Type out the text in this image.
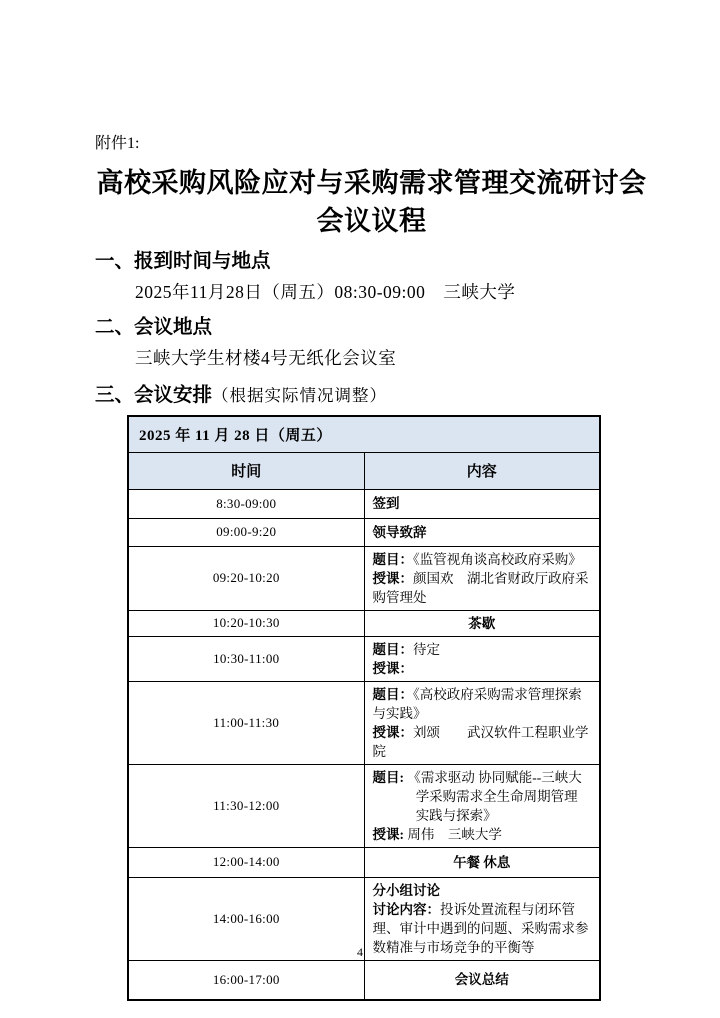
附件1:
高校采购风险应对与采购需求管理交流研讨会
会议议程
一、报到时间与地点
2025年11月28日（周五）08:30-09:00　三峡大学
二、会议地点
三峡大学生材楼4号无纸化会议室
三、会议安排（根据实际情况调整）
2025 年 11 月 28 日（周五）	
时间	内容
8:30-09:00	签到

09:00-9:20	领导致辞

09:20-10:20	题目：《监管视角谈高校政府采购》
授课：颜国欢　湖北省财政厅政府采购管理处

10:20-10:30	茶歇

10:30-11:00	题目：待定
授课：

11:00-11:30	题目：《高校政府采购需求管理探索与实践》
授课：刘颂　　武汉软件工程职业学院

11:30-12:00	题目: 《需求驱动 协同赋能--三峡大学采购需求全生命周期管理实践与探索》
授课: 周伟　三峡大学

12:00-14:00	午餐 休息

14:00-16:00	分小组讨论
讨论内容：投诉处置流程与闭环管理、审计中遇到的问题、采购需求参数精准与市场竞争的平衡等

16:00-17:00	会议总结
4
